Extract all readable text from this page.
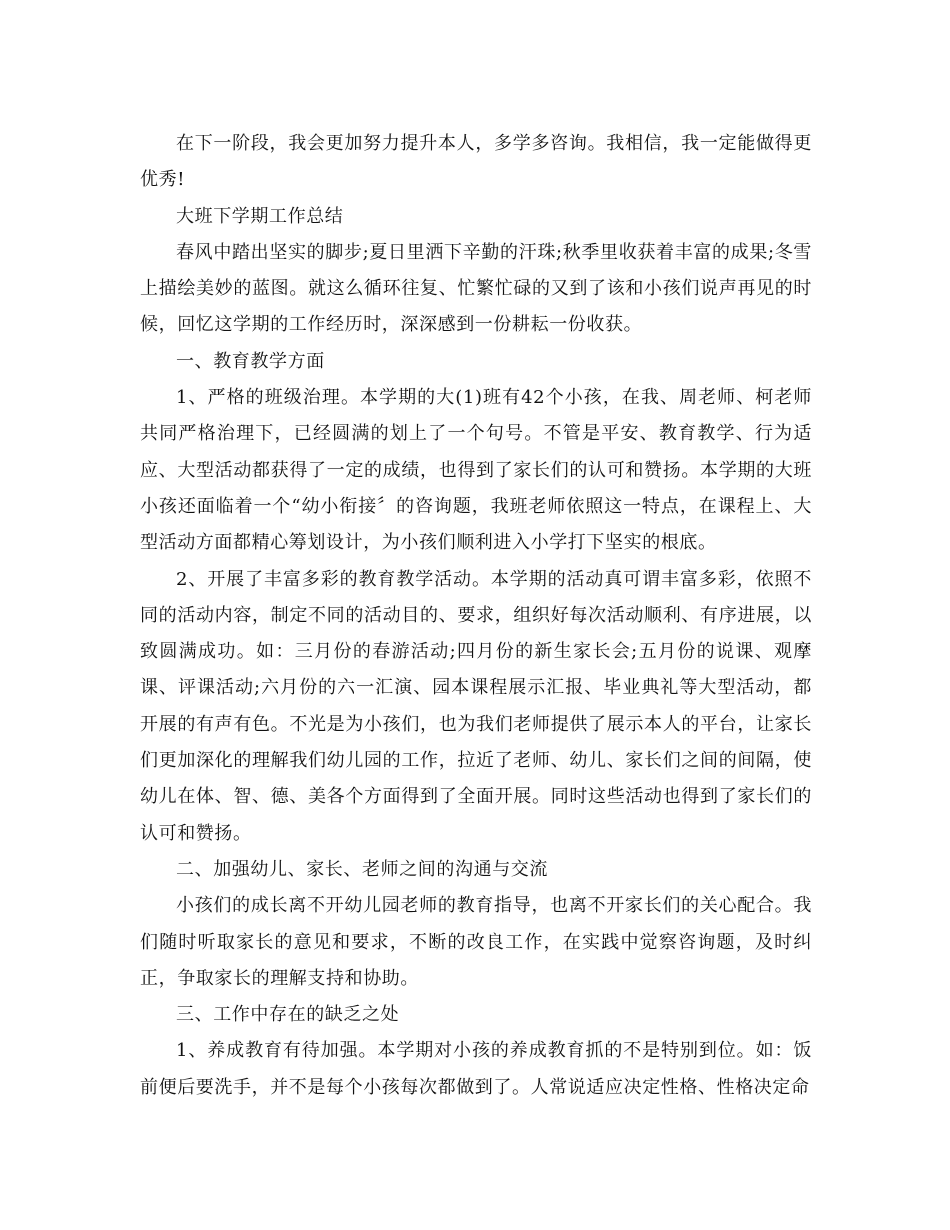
在下一阶段，我会更加努力提升本人，多学多咨询。我相信，我一定能做得更优秀!

大班下学期工作总结

春风中踏出坚实的脚步;夏日里洒下辛勤的汗珠;秋季里收获着丰富的成果;冬雪上描绘美妙的蓝图。就这么循环往复、忙繁忙碌的又到了该和小孩们说声再见的时候，回忆这学期的工作经历时，深深感到一份耕耘一份收获。

一、教育教学方面

1、严格的班级治理。本学期的大(1)班有42个小孩，在我、周老师、柯老师共同严格治理下，已经圆满的划上了一个句号。不管是平安、教育教学、行为适应、大型活动都获得了一定的成绩，也得到了家长们的认可和赞扬。本学期的大班小孩还面临着一个“幼小衔接〞的咨询题，我班老师依照这一特点，在课程上、大型活动方面都精心筹划设计，为小孩们顺利进入小学打下坚实的根底。

2、开展了丰富多彩的教育教学活动。本学期的活动真可谓丰富多彩，依照不同的活动内容，制定不同的活动目的、要求，组织好每次活动顺利、有序进展，以致圆满成功。如：三月份的春游活动;四月份的新生家长会;五月份的说课、观摩课、评课活动;六月份的六一汇演、园本课程展示汇报、毕业典礼等大型活动，都开展的有声有色。不光是为小孩们，也为我们老师提供了展示本人的平台，让家长们更加深化的理解我们幼儿园的工作，拉近了老师、幼儿、家长们之间的间隔，使幼儿在体、智、德、美各个方面得到了全面开展。同时这些活动也得到了家长们的认可和赞扬。

二、加强幼儿、家长、老师之间的沟通与交流

小孩们的成长离不开幼儿园老师的教育指导，也离不开家长们的关心配合。我们随时听取家长的意见和要求，不断的改良工作，在实践中觉察咨询题，及时纠正，争取家长的理解支持和协助。

三、工作中存在的缺乏之处

1、养成教育有待加强。本学期对小孩的养成教育抓的不是特别到位。如：饭前便后要洗手，并不是每个小孩每次都做到了。人常说适应决定性格、性格决定命
